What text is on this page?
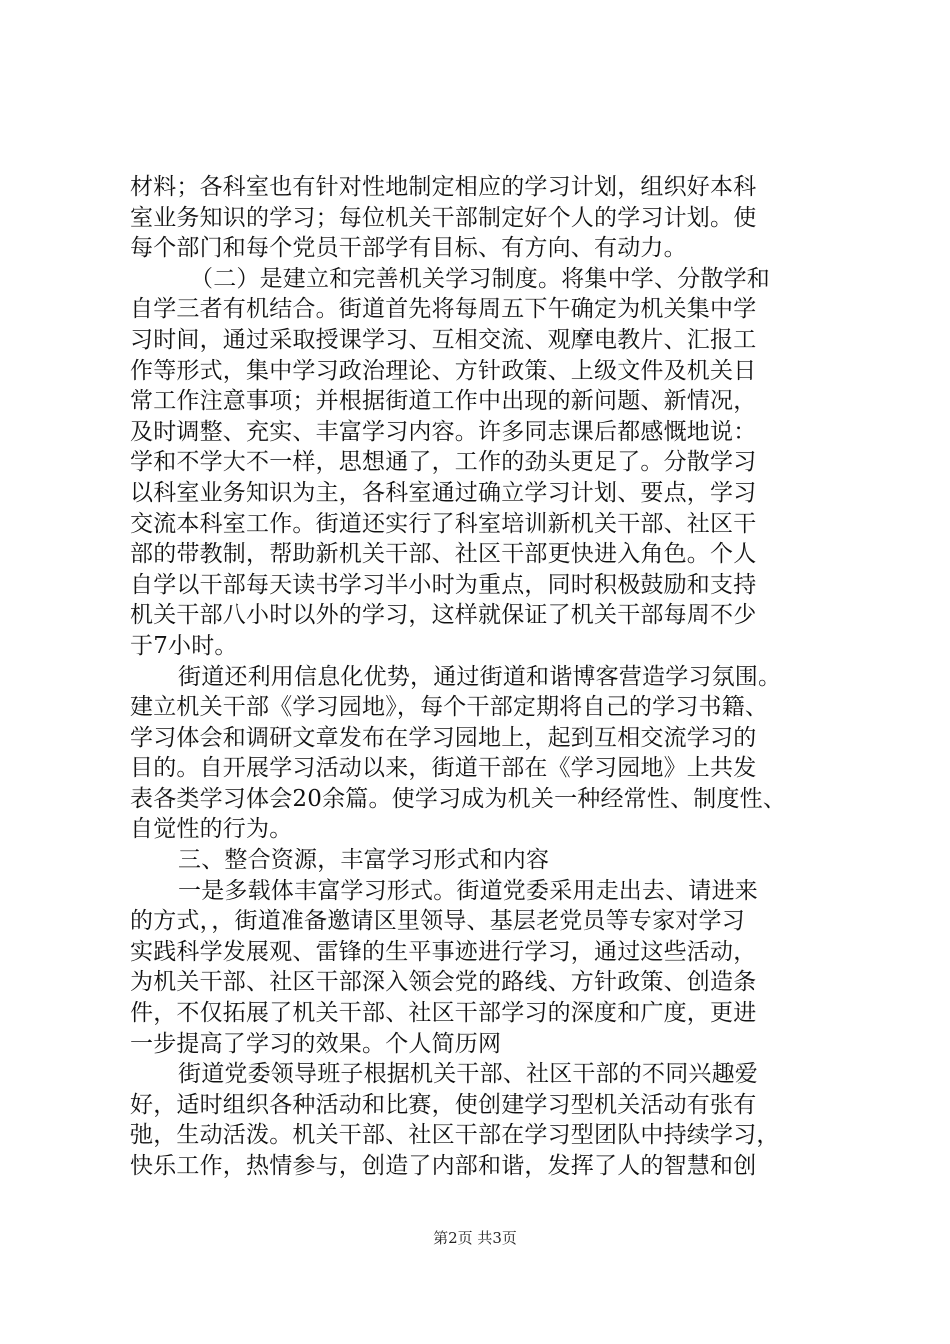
材料；各科室也有针对性地制定相应的学习计划，组织好本科
室业务知识的学习；每位机关干部制定好个人的学习计划。使
每个部门和每个党员干部学有目标、有方向、有动力。
（二）是建立和完善机关学习制度。将集中学、分散学和
自学三者有机结合。街道首先将每周五下午确定为机关集中学
习时间，通过采取授课学习、互相交流、观摩电教片、汇报工
作等形式，集中学习政治理论、方针政策、上级文件及机关日
常工作注意事项；并根据街道工作中出现的新问题、新情况，
及时调整、充实、丰富学习内容。许多同志课后都感慨地说：
学和不学大不一样，思想通了，工作的劲头更足了。分散学习
以科室业务知识为主，各科室通过确立学习计划、要点，学习
交流本科室工作。街道还实行了科室培训新机关干部、社区干
部的带教制，帮助新机关干部、社区干部更快进入角色。个人
自学以干部每天读书学习半小时为重点，同时积极鼓励和支持
机关干部八小时以外的学习，这样就保证了机关干部每周不少
于7小时。
街道还利用信息化优势，通过街道和谐博客营造学习氛围。
建立机关干部《学习园地》，每个干部定期将自己的学习书籍、
学习体会和调研文章发布在学习园地上，起到互相交流学习的
目的。自开展学习活动以来，街道干部在《学习园地》上共发
表各类学习体会20余篇。使学习成为机关一种经常性、制度性、
自觉性的行为。
三、整合资源，丰富学习形式和内容
一是多载体丰富学习形式。街道党委采用走出去、请进来
的方式，，街道准备邀请区里领导、基层老党员等专家对学习
实践科学发展观、雷锋的生平事迹进行学习，通过这些活动，
为机关干部、社区干部深入领会党的路线、方针政策、创造条
件，不仅拓展了机关干部、社区干部学习的深度和广度，更进
一步提高了学习的效果。个人简历网
街道党委领导班子根据机关干部、社区干部的不同兴趣爱
好，适时组织各种活动和比赛，使创建学习型机关活动有张有
弛，生动活泼。机关干部、社区干部在学习型团队中持续学习，
快乐工作，热情参与，创造了内部和谐，发挥了人的智慧和创
第2页 共3页
